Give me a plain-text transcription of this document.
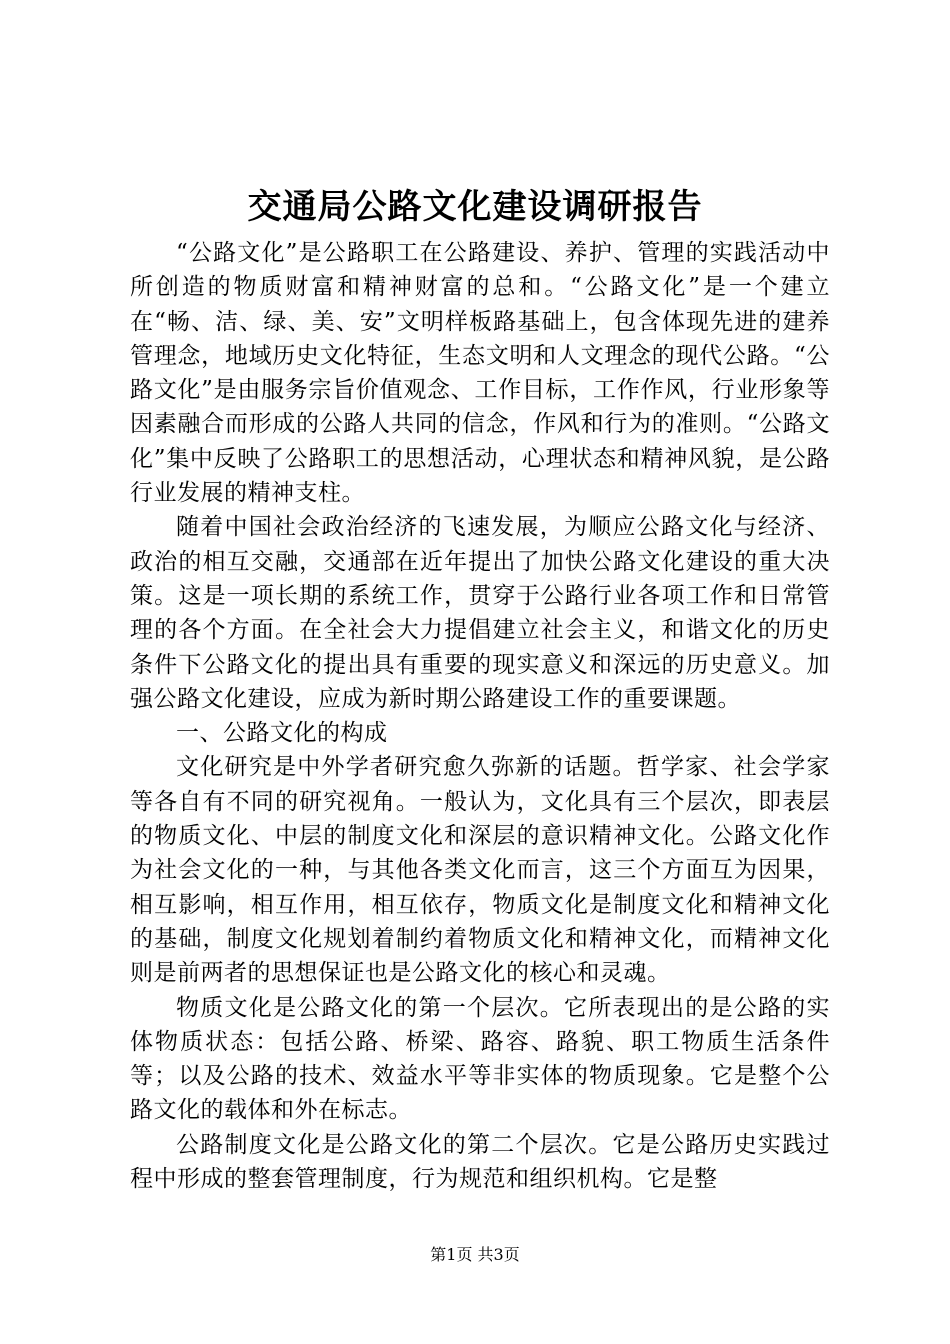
交通局公路文化建设调研报告

“公路文化”是公路职工在公路建设、养护、管理的实践活动中所创造的物质财富和精神财富的总和。“公路文化”是一个建立在“畅、洁、绿、美、安”文明样板路基础上，包含体现先进的建养管理念，地域历史文化特征，生态文明和人文理念的现代公路。“公路文化”是由服务宗旨价值观念、工作目标，工作作风，行业形象等因素融合而形成的公路人共同的信念，作风和行为的准则。“公路文化”集中反映了公路职工的思想活动，心理状态和精神风貌，是公路行业发展的精神支柱。

随着中国社会政治经济的飞速发展，为顺应公路文化与经济、政治的相互交融，交通部在近年提出了加快公路文化建设的重大决策。这是一项长期的系统工作，贯穿于公路行业各项工作和日常管理的各个方面。在全社会大力提倡建立社会主义，和谐文化的历史条件下公路文化的提出具有重要的现实意义和深远的历史意义。加强公路文化建设，应成为新时期公路建设工作的重要课题。

一、公路文化的构成

文化研究是中外学者研究愈久弥新的话题。哲学家、社会学家等各自有不同的研究视角。一般认为，文化具有三个层次，即表层的物质文化、中层的制度文化和深层的意识精神文化。公路文化作为社会文化的一种，与其他各类文化而言，这三个方面互为因果，相互影响，相互作用，相互依存，物质文化是制度文化和精神文化的基础，制度文化规划着制约着物质文化和精神文化，而精神文化则是前两者的思想保证也是公路文化的核心和灵魂。

物质文化是公路文化的第一个层次。它所表现出的是公路的实体物质状态：包括公路、桥梁、路容、路貌、职工物质生活条件等；以及公路的技术、效益水平等非实体的物质现象。它是整个公路文化的载体和外在标志。

公路制度文化是公路文化的第二个层次。它是公路历史实践过程中形成的整套管理制度，行为规范和组织机构。它是整

第1页 共3页
